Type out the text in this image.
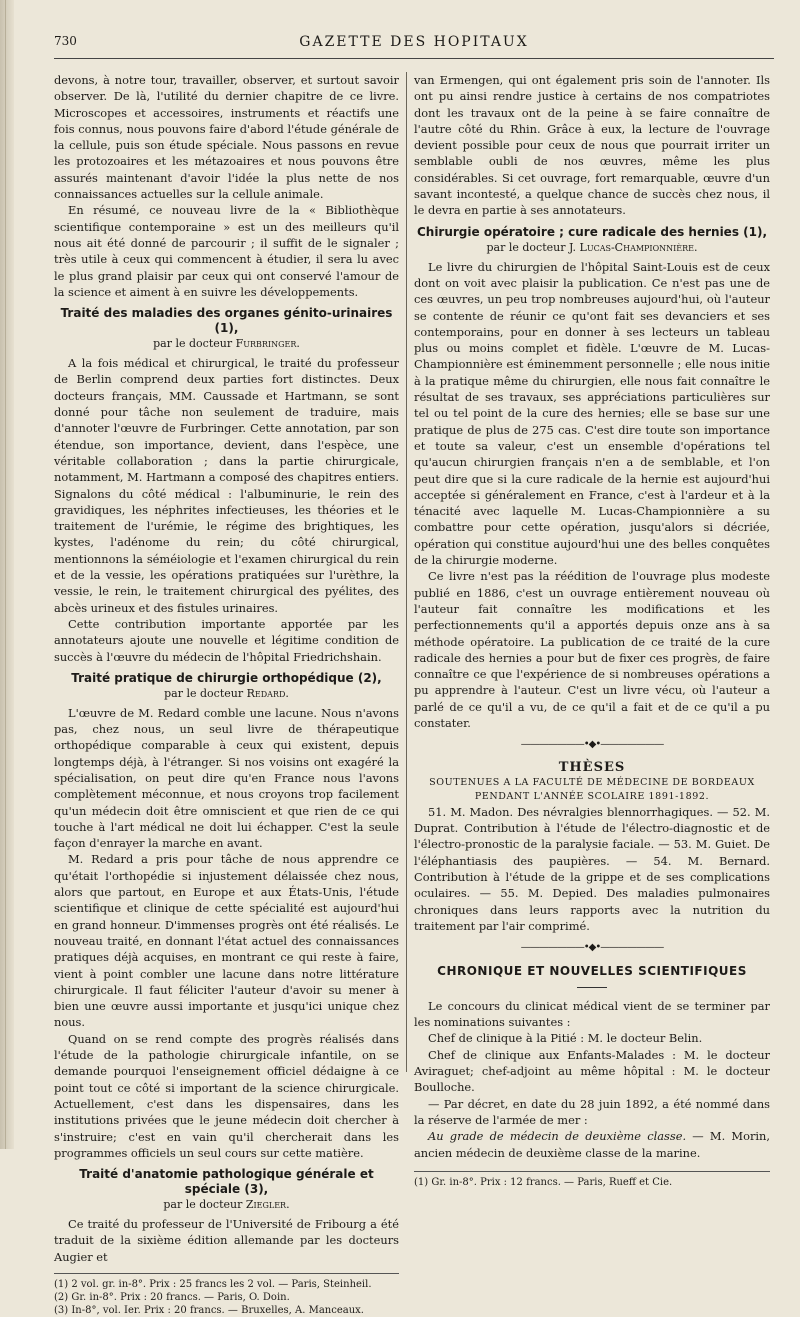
730	GAZETTE DES HOPITAUX

devons, à notre tour, travailler, observer, et surtout savoir observer. De là, l'utilité du dernier chapitre de ce livre. Microscopes et accessoires, instruments et réactifs une fois connus, nous pouvons faire d'abord l'étude générale de la cellule, puis son étude spéciale. Nous passons en revue les protozoaires et les métazoaires et nous pouvons être assurés maintenant d'avoir l'idée la plus nette de nos connaissances actuelles sur la cellule animale.

En résumé, ce nouveau livre de la « Bibliothèque scientifique contemporaine » est un des meilleurs qu'il nous ait été donné de parcourir ; il suffit de le signaler ; très utile à ceux qui commencent à étudier, il sera lu avec le plus grand plaisir par ceux qui ont conservé l'amour de la science et aiment à en suivre les développements.

Traité des maladies des organes génito-urinaires (1),
par le docteur Furbringer.

A la fois médical et chirurgical, le traité du professeur de Berlin comprend deux parties fort distinctes. Deux docteurs français, MM. Caussade et Hartmann, se sont donné pour tâche non seulement de traduire, mais d'annoter l'œuvre de Furbringer. Cette annotation, par son étendue, son importance, devient, dans l'espèce, une véritable collaboration ; dans la partie chirurgicale, notamment, M. Hartmann a composé des chapitres entiers. Signalons du côté médical : l'albuminurie, le rein des gravidiques, les néphrites infectieuses, les théories et le traitement de l'urémie, le régime des brightiques, les kystes, l'adénome du rein; du côté chirurgical, mentionnons la séméiologie et l'examen chirurgical du rein et de la vessie, les opérations pratiquées sur l'urèthre, la vessie, le rein, le traitement chirurgical des pyélites, des abcès urineux et des fistules urinaires.

Cette contribution importante apportée par les annotateurs ajoute une nouvelle et légitime condition de succès à l'œuvre du médecin de l'hôpital Friedrichshain.

Traité pratique de chirurgie orthopédique (2),
par le docteur Redard.

L'œuvre de M. Redard comble une lacune. Nous n'avons pas, chez nous, un seul livre de thérapeutique orthopédique comparable à ceux qui existent, depuis longtemps déjà, à l'étranger. Si nos voisins ont exagéré la spécialisation, on peut dire qu'en France nous l'avons complètement méconnue, et nous croyons trop facilement qu'un médecin doit être omniscient et que rien de ce qui touche à l'art médical ne doit lui échapper. C'est la seule façon d'enrayer la marche en avant.

M. Redard a pris pour tâche de nous apprendre ce qu'était l'orthopédie si injustement délaissée chez nous, alors que partout, en Europe et aux États-Unis, l'étude scientifique et clinique de cette spécialité est aujourd'hui en grand honneur. D'immenses progrès ont été réalisés. Le nouveau traité, en donnant l'état actuel des connaissances pratiques déjà acquises, en montrant ce qui reste à faire, vient à point combler une lacune dans notre littérature chirurgicale. Il faut féliciter l'auteur d'avoir su mener à bien une œuvre aussi importante et jusqu'ici unique chez nous.

Quand on se rend compte des progrès réalisés dans l'étude de la pathologie chirurgicale infantile, on se demande pourquoi l'enseignement officiel dédaigne à ce point tout ce côté si important de la science chirurgicale. Actuellement, c'est dans les dispensaires, dans les institutions privées que le jeune médecin doit chercher à s'instruire; c'est en vain qu'il chercherait dans les programmes officiels un seul cours sur cette matière.

Traité d'anatomie pathologique générale et spéciale (3),
par le docteur Ziegler.

Ce traité du professeur de l'Université de Fribourg a été traduit de la sixième édition allemande par les docteurs Augier et

(1) 2 vol. gr. in-8°. Prix : 25 francs les 2 vol. — Paris, Steinheil.
(2) Gr. in-8°. Prix : 20 francs. — Paris, O. Doin.
(3) In-8°, vol. Ier. Prix : 20 francs. — Bruxelles, A. Manceaux.

van Ermengen, qui ont également pris soin de l'annoter. Ils ont pu ainsi rendre justice à certains de nos compatriotes dont les travaux ont de la peine à se faire connaître de l'autre côté du Rhin. Grâce à eux, la lecture de l'ouvrage devient possible pour ceux de nous que pourrait irriter un semblable oubli de nos œuvres, même les plus considérables. Si cet ouvrage, fort remarquable, œuvre d'un savant incontesté, a quelque chance de succès chez nous, il le devra en partie à ses annotateurs.

Chirurgie opératoire ; cure radicale des hernies (1),
par le docteur J. Lucas-Championnière.

Le livre du chirurgien de l'hôpital Saint-Louis est de ceux dont on voit avec plaisir la publication. Ce n'est pas une de ces œuvres, un peu trop nombreuses aujourd'hui, où l'auteur se contente de réunir ce qu'ont fait ses devanciers et ses contemporains, pour en donner à ses lecteurs un tableau plus ou moins complet et fidèle. L'œuvre de M. Lucas-Championnière est éminemment personnelle ; elle nous initie à la pratique même du chirurgien, elle nous fait connaître le résultat de ses travaux, ses appréciations particulières sur tel ou tel point de la cure des hernies; elle se base sur une pratique de plus de 275 cas. C'est dire toute son importance et toute sa valeur, c'est un ensemble d'opérations tel qu'aucun chirurgien français n'en a de semblable, et l'on peut dire que si la cure radicale de la hernie est aujourd'hui acceptée si généralement en France, c'est à l'ardeur et à la ténacité avec laquelle M. Lucas-Championnière a su combattre pour cette opération, jusqu'alors si décriée, opération qui constitue aujourd'hui une des belles conquêtes de la chirurgie moderne.

Ce livre n'est pas la réédition de l'ouvrage plus modeste publié en 1886, c'est un ouvrage entièrement nouveau où l'auteur fait connaître les modifications et les perfectionnements qu'il a apportés depuis onze ans à sa méthode opératoire. La publication de ce traité de la cure radicale des hernies a pour but de fixer ces progrès, de faire connaître ce que l'expérience de si nombreuses opérations a pu apprendre à l'auteur. C'est un livre vécu, où l'auteur a parlé de ce qu'il a vu, de ce qu'il a fait et de ce qu'il a pu constater.

———————•◆•———————
THÈSES
SOUTENUES A LA FACULTÉ DE MÉDECINE DE BORDEAUX
PENDANT L'ANNÉE SCOLAIRE 1891-1892.

51. M. Madon. Des névralgies blennorrhagiques. — 52. M. Duprat. Contribution à l'étude de l'électro-diagnostic et de l'électro-pronostic de la paralysie faciale. — 53. M. Guiet. De l'éléphantiasis des paupières. — 54. M. Bernard. Contribution à l'étude de la grippe et de ses complications oculaires. — 55. M. Depied. Des maladies pulmonaires chroniques dans leurs rapports avec la nutrition du traitement par l'air comprimé.

———————•◆•———————
CHRONIQUE ET NOUVELLES SCIENTIFIQUES

Le concours du clinicat médical vient de se terminer par les nominations suivantes :

Chef de clinique à la Pitié : M. le docteur Belin.

Chef de clinique aux Enfants-Malades : M. le docteur Aviraguet; chef-adjoint au même hôpital : M. le docteur Boulloche.

— Par décret, en date du 28 juin 1892, a été nommé dans la réserve de l'armée de mer :

Au grade de médecin de deuxième classe. — M. Morin, ancien médecin de deuxième classe de la marine.

(1) Gr. in-8°. Prix : 12 francs. — Paris, Rueff et Cie.
